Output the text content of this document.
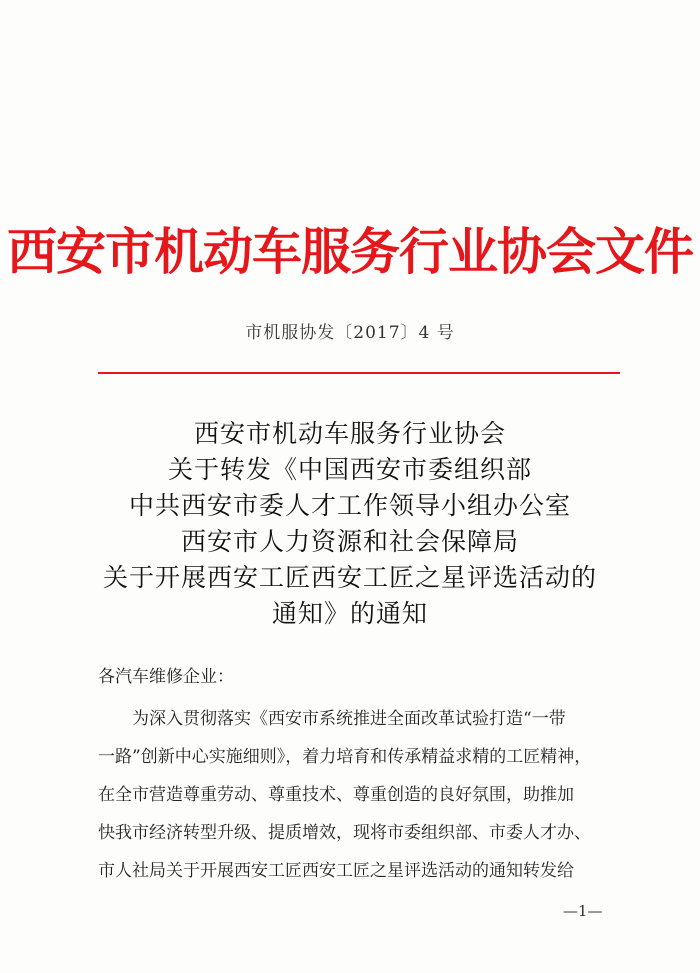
西安市机动车服务行业协会文件
市机服协发〔2017〕4 号
西安市机动车服务行业协会
关于转发《中国西安市委组织部
中共西安市委人才工作领导小组办公室
西安市人力资源和社会保障局
关于开展西安工匠西安工匠之星评选活动的
通知》的通知
各汽车维修企业：
为深入贯彻落实《西安市系统推进全面改革试验打造“一带
一路”创新中心实施细则》，着力培育和传承精益求精的工匠精神，
在全市营造尊重劳动、尊重技术、尊重创造的良好氛围，助推加
快我市经济转型升级、提质增效，现将市委组织部、市委人才办、
市人社局关于开展西安工匠西安工匠之星评选活动的通知转发给
—1—
